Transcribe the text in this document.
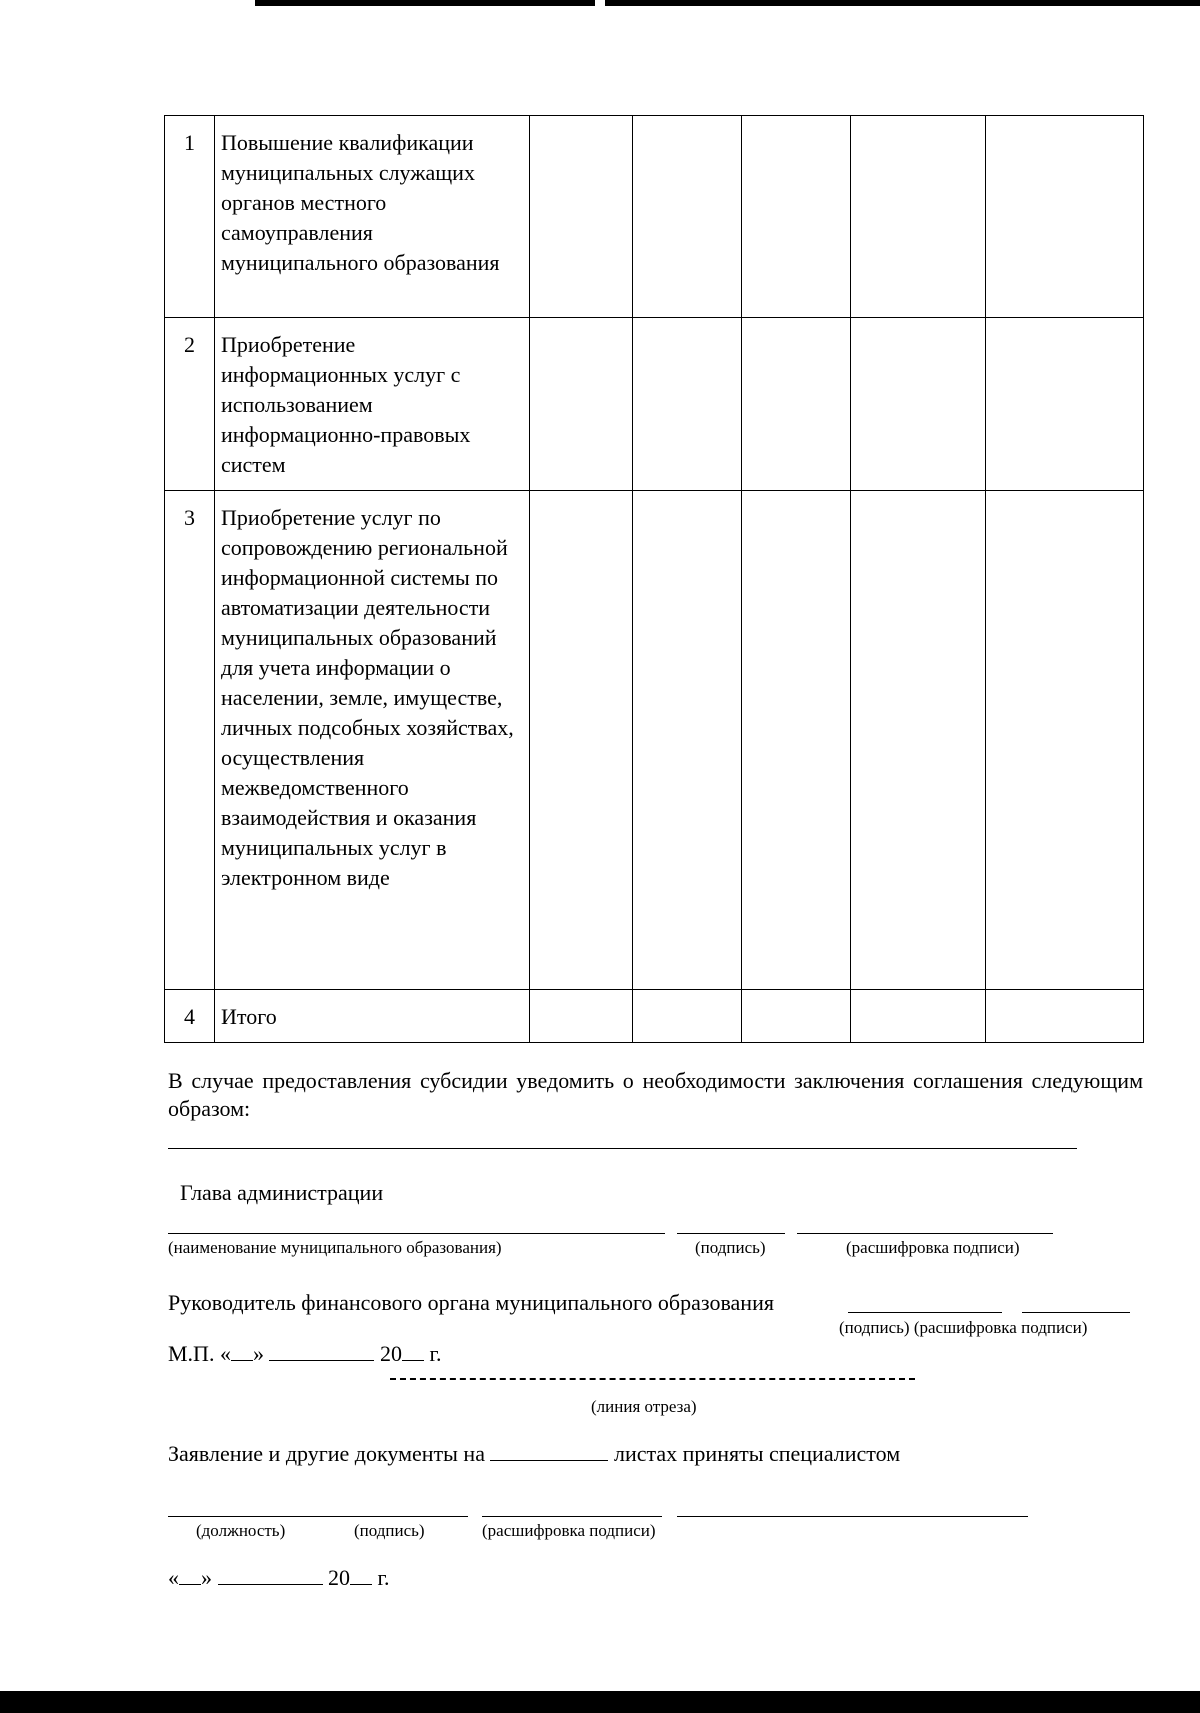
1	Повышение квалификации муниципальных служащих органов местного самоуправления муниципального образования					
2	Приобретение информационных услуг с использованием информационно-правовых систем					
3	Приобретение услуг по сопровождению региональной информационной системы по автоматизации деятельности муниципальных образований для учета информации о населении, земле, имуществе, личных подсобных хозяйствах, осуществления межведомственного взаимодействия и оказания муниципальных услуг в электронном виде					
4	Итого					
В случае предоставления субсидии уведомить о необходимости заключения соглашения следующим образом:
Глава администрации
(наименование муниципального образования)	(подпись)	(расшифровка подписи)
Руководитель финансового органа муниципального образования
(подпись) (расшифровка подписи)
М.П. « »	20 г.
(линия отреза)
Заявление и другие документы на	листах приняты специалистом
(должность)	(подпись)	(расшифровка подписи)
« »	20 г.
